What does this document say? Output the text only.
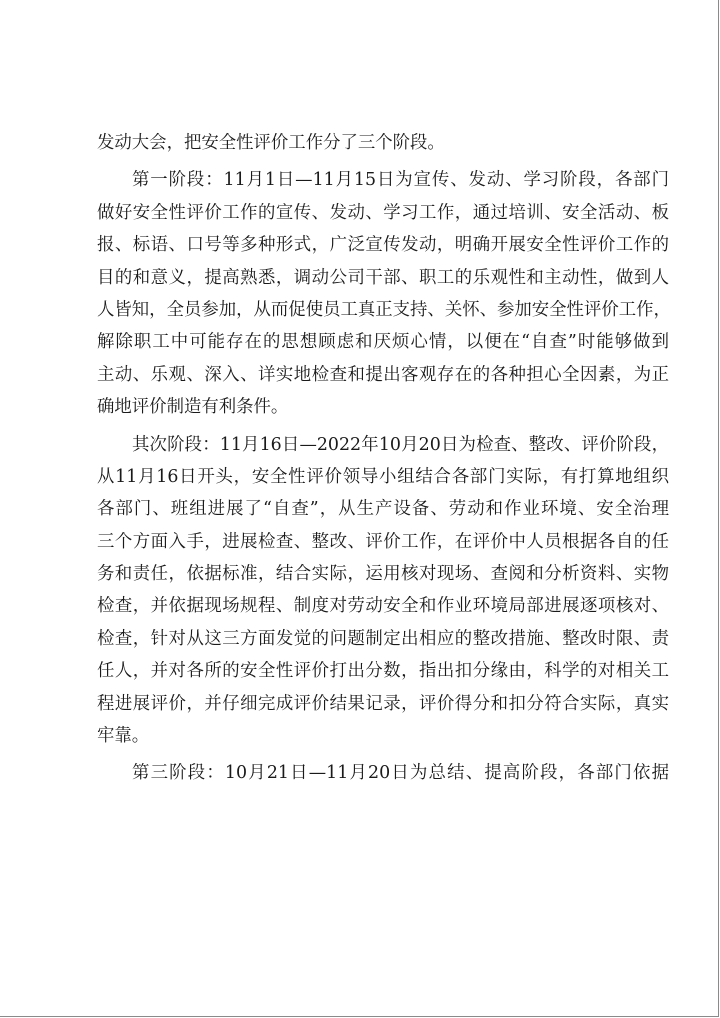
发动大会，把安全性评价工作分了三个阶段。
第一阶段：11月1日—11月15日为宣传、发动、学习阶段，各部门
做好安全性评价工作的宣传、发动、学习工作，通过培训、安全活动、板
报、标语、口号等多种形式，广泛宣传发动，明确开展安全性评价工作的
目的和意义，提高熟悉，调动公司干部、职工的乐观性和主动性，做到人
人皆知，全员参加，从而促使员工真正支持、关怀、参加安全性评价工作，
解除职工中可能存在的思想顾虑和厌烦心情，以便在“自查”时能够做到
主动、乐观、深入、详实地检查和提出客观存在的各种担心全因素，为正
确地评价制造有利条件。
其次阶段：11月16日—2022年10月20日为检查、整改、评价阶段，
从11月16日开头，安全性评价领导小组结合各部门实际，有打算地组织
各部门、班组进展了“自查”，从生产设备、劳动和作业环境、安全治理
三个方面入手，进展检查、整改、评价工作，在评价中人员根据各自的任
务和责任，依据标准，结合实际，运用核对现场、查阅和分析资料、实物
检查，并依据现场规程、制度对劳动安全和作业环境局部进展逐项核对、
检查，针对从这三方面发觉的问题制定出相应的整改措施、整改时限、责
任人，并对各所的安全性评价打出分数，指出扣分缘由，科学的对相关工
程进展评价，并仔细完成评价结果记录，评价得分和扣分符合实际，真实
牢靠。
第三阶段：10月21日—11月20日为总结、提高阶段，各部门依据
